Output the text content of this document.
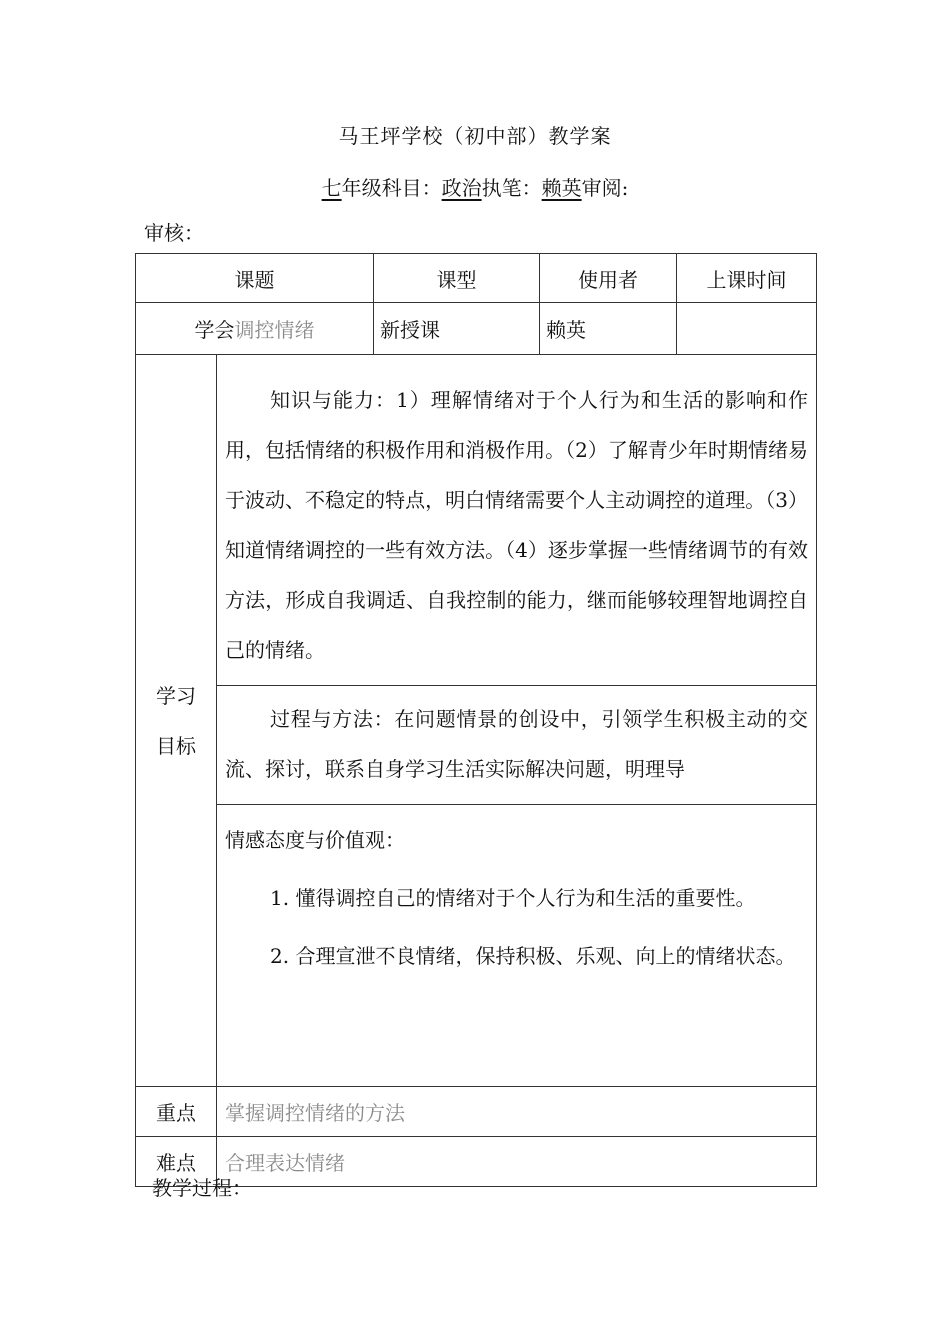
马王坪学校（初中部）教学案
七年级科目：政治执笔：赖英审阅:
审核：
课题		课型	使用者	上课时间
学会调控情绪		新授课	赖英	

学习
目标	知识与能力：1）理解情绪对于个人行为和生活的影响和作用，包括情绪的积极作用和消极作用。（2）了解青少年时期情绪易于波动、不稳定的特点，明白情绪需要个人主动调控的道理。（3）知道情绪调控的一些有效方法。（4）逐步掌握一些情绪调节的有效方法，形成自我调适、自我控制的能力，继而能够较理智地调控自己的情绪。			

	过程与方法：在问题情景的创设中，引领学生积极主动的交流、探讨，联系自身学习生活实际解决问题，明理导			

	情感态度与价值观：

1. 懂得调控自己的情绪对于个人行为和生活的重要性。

2. 合理宣泄不良情绪，保持积极、乐观、向上的情绪状态。			

重点	掌握调控情绪的方法			
难点	合理表达情绪			
教学过程：
